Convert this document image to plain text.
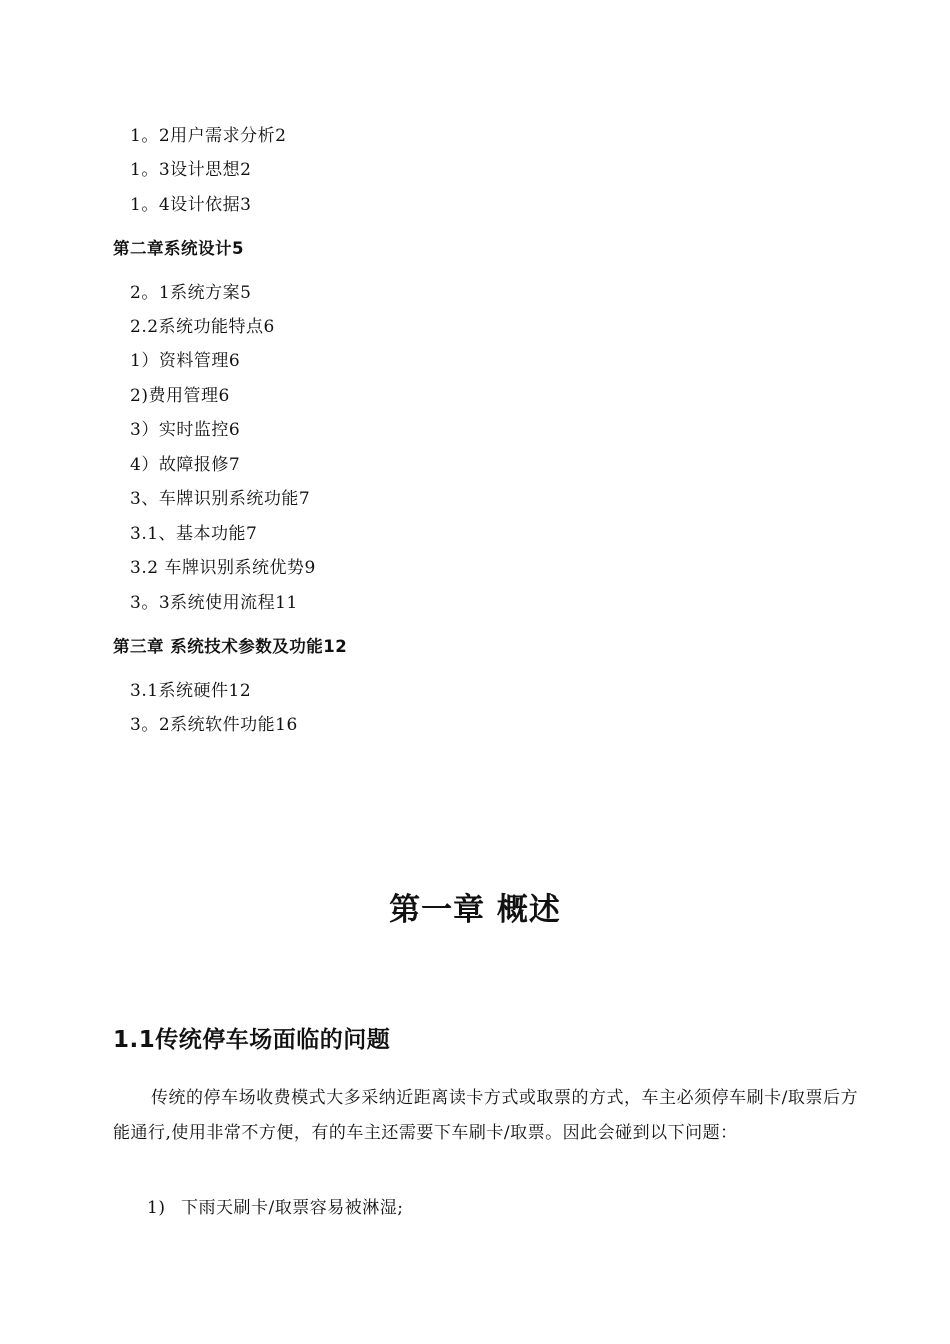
1。2用户需求分析2
1。3设计思想2
1。4设计依据3
第二章系统设计5
2。1系统方案5
2.2系统功能特点6
1）资料管理6
2)费用管理6
3）实时监控6
4）故障报修7
3、车牌识别系统功能7
3.1、基本功能7
3.2 车牌识别系统优势9
3。3系统使用流程11
第三章 系统技术参数及功能12
3.1系统硬件12
3。2系统软件功能16
第一章 概述
1.1传统停车场面临的问题

传统的停车场收费模式大多采纳近距离读卡方式或取票的方式，车主必须停车刷卡/取票后方能通行,使用非常不方便，有的车主还需要下车刷卡/取票。因此会碰到以下问题：

1) 下雨天刷卡/取票容易被淋湿;
